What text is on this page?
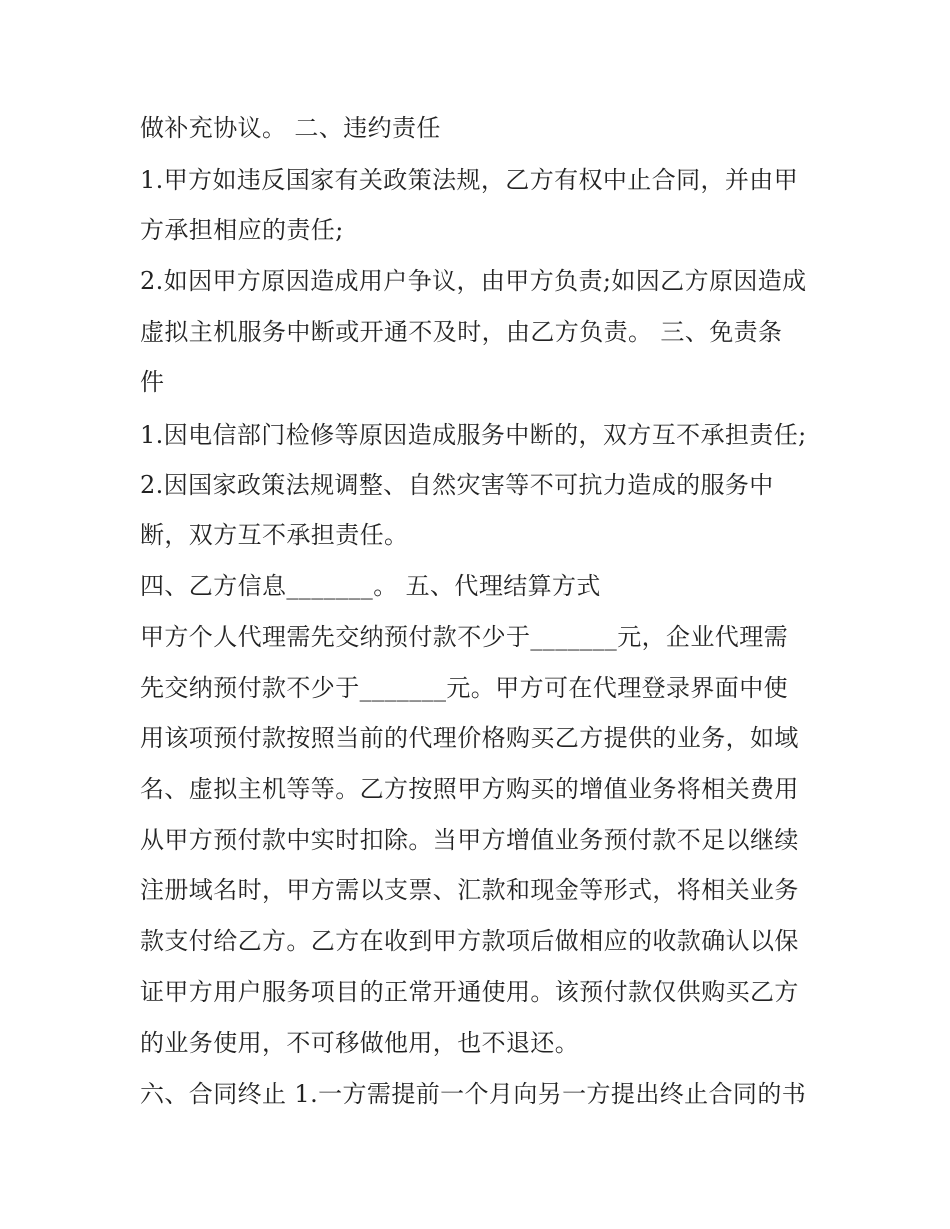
做补充协议。 二、违约责任
1.甲方如违反国家有关政策法规，乙方有权中止合同，并由甲
方承担相应的责任;
2.如因甲方原因造成用户争议，由甲方负责;如因乙方原因造成
虚拟主机服务中断或开通不及时，由乙方负责。 三、免责条
件
1.因电信部门检修等原因造成服务中断的，双方互不承担责任;
2.因国家政策法规调整、自然灾害等不可抗力造成的服务中
断，双方互不承担责任。
四、乙方信息_______。 五、代理结算方式
甲方个人代理需先交纳预付款不少于_______元，企业代理需
先交纳预付款不少于_______元。甲方可在代理登录界面中使
用该项预付款按照当前的代理价格购买乙方提供的业务，如域
名、虚拟主机等等。乙方按照甲方购买的增值业务将相关费用
从甲方预付款中实时扣除。当甲方增值业务预付款不足以继续
注册域名时，甲方需以支票、汇款和现金等形式，将相关业务
款支付给乙方。乙方在收到甲方款项后做相应的收款确认以保
证甲方用户服务项目的正常开通使用。该预付款仅供购买乙方
的业务使用，不可移做他用，也不退还。
六、合同终止 1.一方需提前一个月向另一方提出终止合同的书
